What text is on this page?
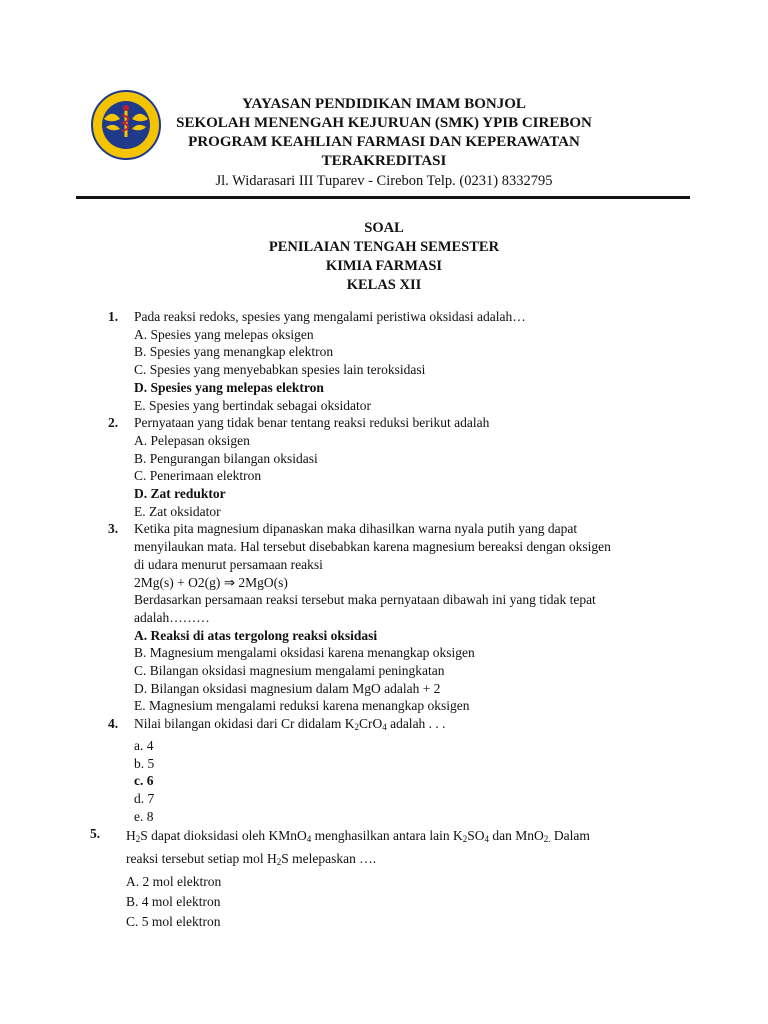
YAYASAN PENDIDIKAN IMAM BONJOL
SEKOLAH MENENGAH KEJURUAN (SMK) YPIB CIREBON
PROGRAM KEAHLIAN FARMASI DAN KEPERAWATAN
TERAKREDITASI
Jl. Widarasari III Tuparev - Cirebon Telp. (0231) 8332795
SOAL
PENILAIAN TENGAH SEMESTER
KIMIA FARMASI
KELAS XII
1. Pada reaksi redoks, spesies yang mengalami peristiwa oksidasi adalah…
A. Spesies yang melepas oksigen
B. Spesies yang menangkap elektron
C. Spesies yang menyebabkan spesies lain teroksidasi
D. Spesies yang melepas elektron
E. Spesies yang bertindak sebagai oksidator
2. Pernyataan yang tidak benar tentang reaksi reduksi berikut adalah
A. Pelepasan oksigen
B. Pengurangan bilangan oksidasi
C. Penerimaan elektron
D. Zat reduktor
E. Zat oksidator
3. Ketika pita magnesium dipanaskan maka dihasilkan warna nyala putih yang dapat
menyilaukan mata. Hal tersebut disebabkan karena magnesium bereaksi dengan oksigen
di udara menurut persamaan reaksi
2Mg(s) + O2(g) ⇒ 2MgO(s)
Berdasarkan persamaan reaksi tersebut maka pernyataan dibawah ini yang tidak tepat
adalah………
A. Reaksi di atas tergolong reaksi oksidasi
B. Magnesium mengalami oksidasi karena menangkap oksigen
C. Bilangan oksidasi magnesium mengalami peningkatan
D. Bilangan oksidasi magnesium dalam MgO adalah + 2
E. Magnesium mengalami reduksi karena menangkap oksigen
4. Nilai bilangan okidasi dari Cr didalam $K_2CrO_4$ adalah . . .
a. 4
b. 5
c. 6
d. 7
e. 8
5. $H_2S$ dapat dioksidasi oleh KMnO$_4$ menghasilkan antara lain $K_2SO_4$ dan MnO$_{2.}$ Dalam
reaksi tersebut setiap mol $H_2S$ melepaskan ….
A. 2 mol elektron
B. 4 mol elektron
C. 5 mol elektron
